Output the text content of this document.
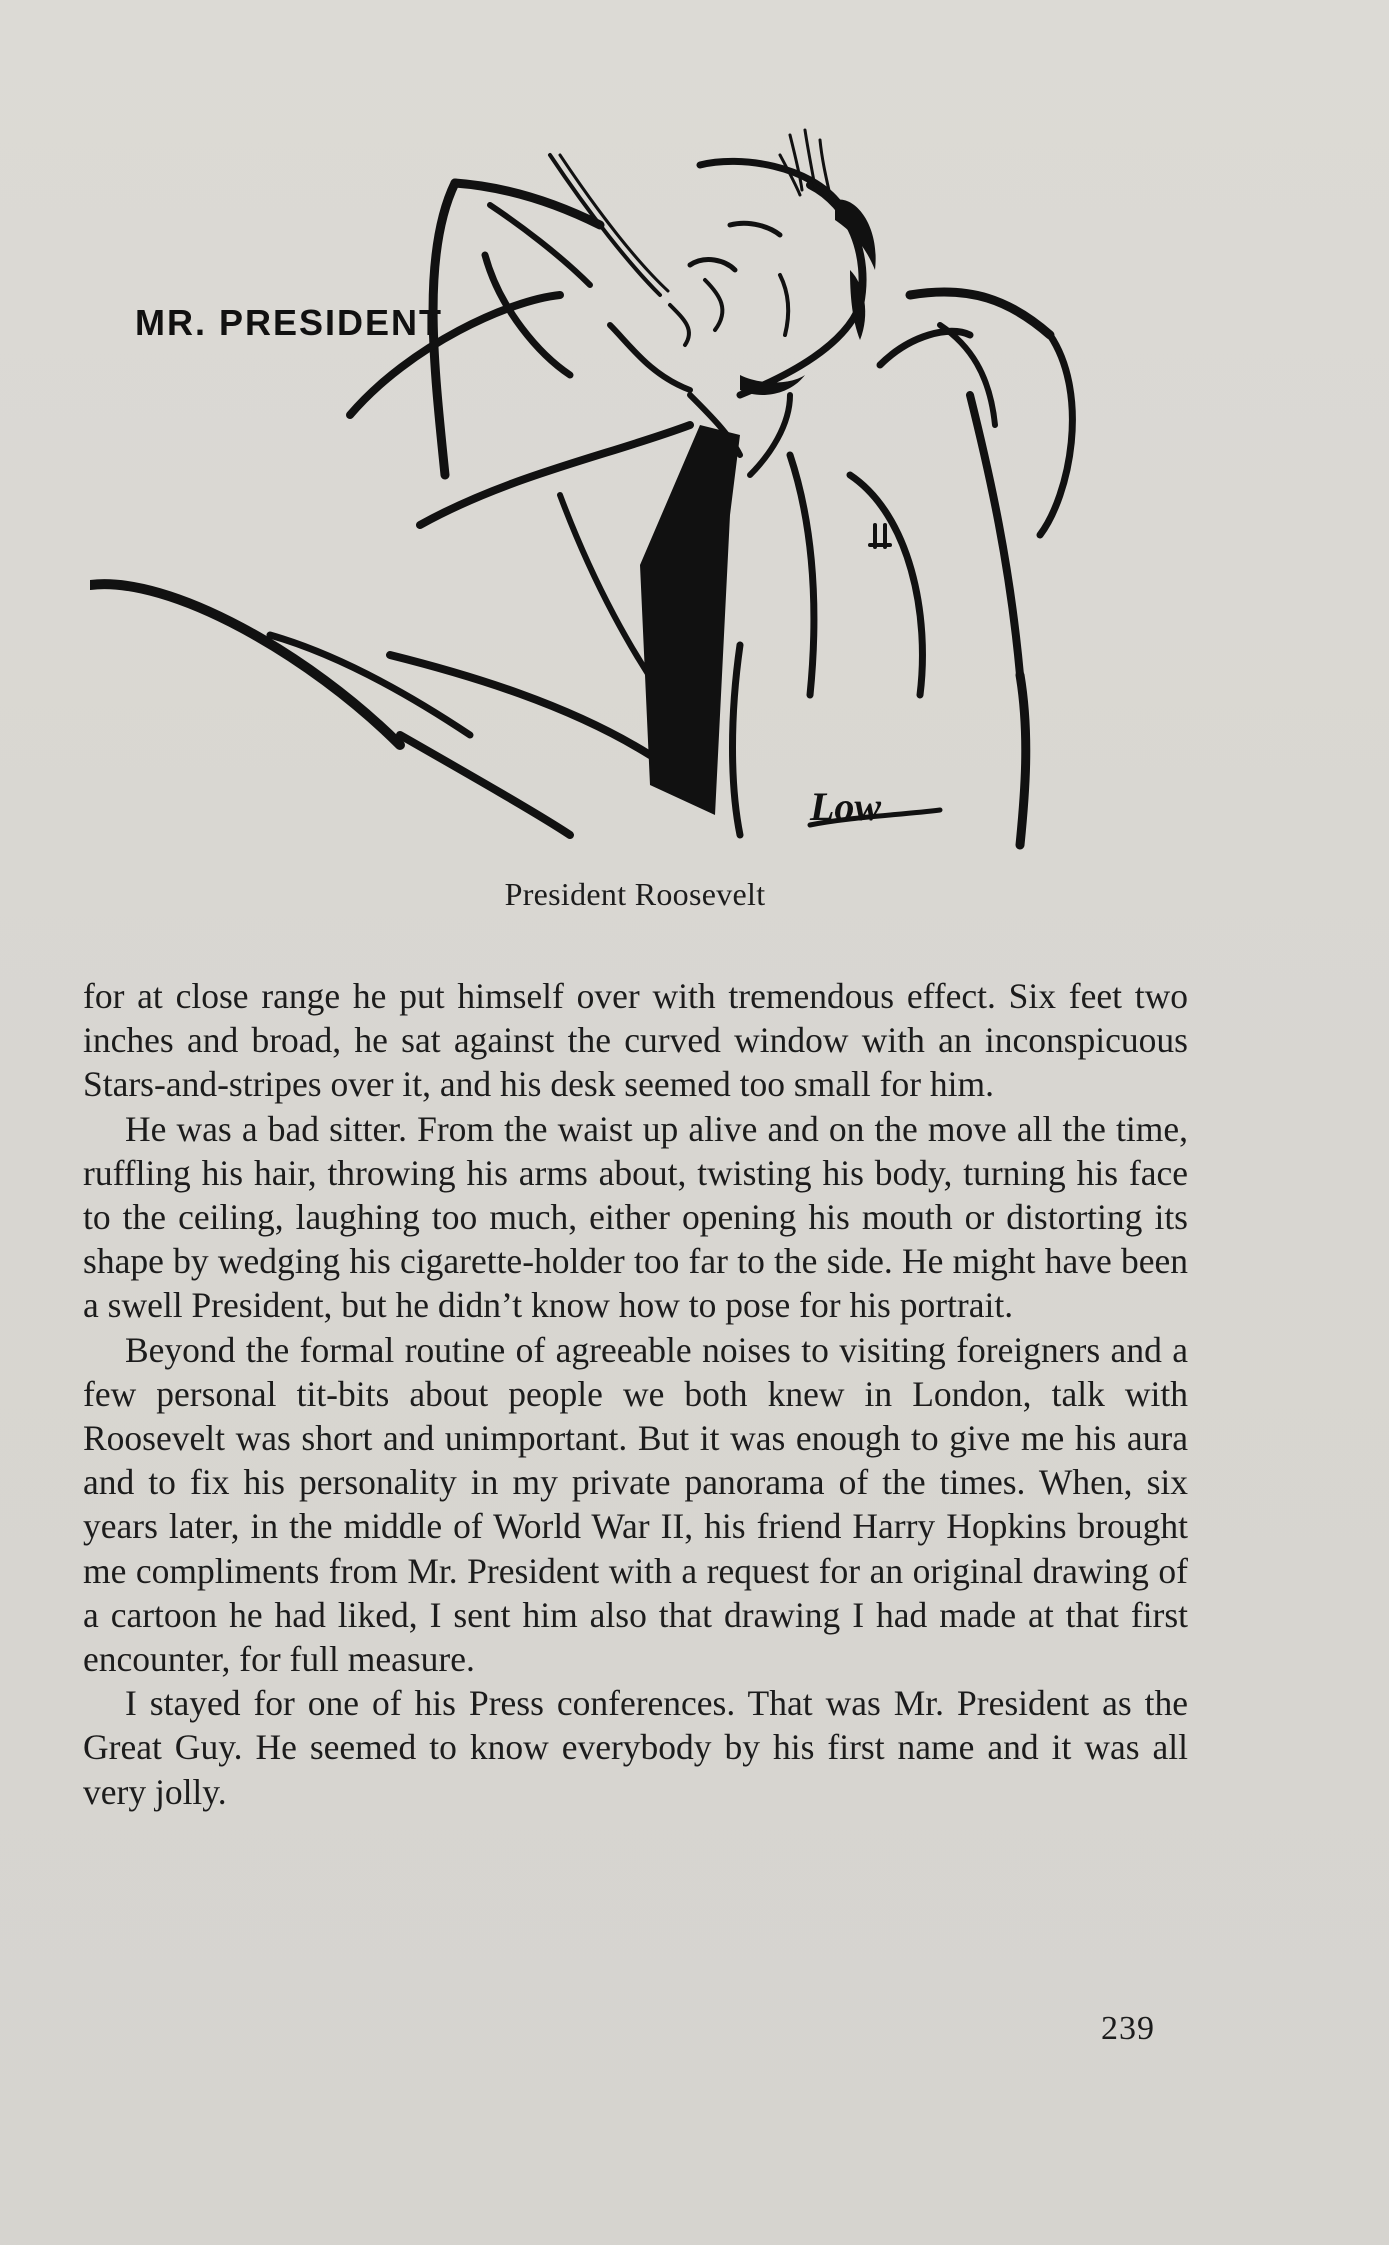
MR. PRESIDENT
Low
President Roosevelt

for at close range he put himself over with tremendous effect. Six feet two inches and broad, he sat against the curved window with an inconspicuous Stars-and-stripes over it, and his desk seemed too small for him.

He was a bad sitter. From the waist up alive and on the move all the time, ruffling his hair, throwing his arms about, twisting his body, turning his face to the ceiling, laughing too much, either opening his mouth or distorting its shape by wedging his cigarette-holder too far to the side. He might have been a swell President, but he didn’t know how to pose for his portrait.

Beyond the formal routine of agreeable noises to visiting foreigners and a few personal tit-bits about people we both knew in London, talk with Roosevelt was short and unimportant. But it was enough to give me his aura and to fix his personality in my private panorama of the times. When, six years later, in the middle of World War II, his friend Harry Hopkins brought me compliments from Mr. President with a request for an original drawing of a cartoon he had liked, I sent him also that drawing I had made at that first encounter, for full measure.

I stayed for one of his Press conferences. That was Mr. President as the Great Guy. He seemed to know everybody by his first name and it was all very jolly.

239
